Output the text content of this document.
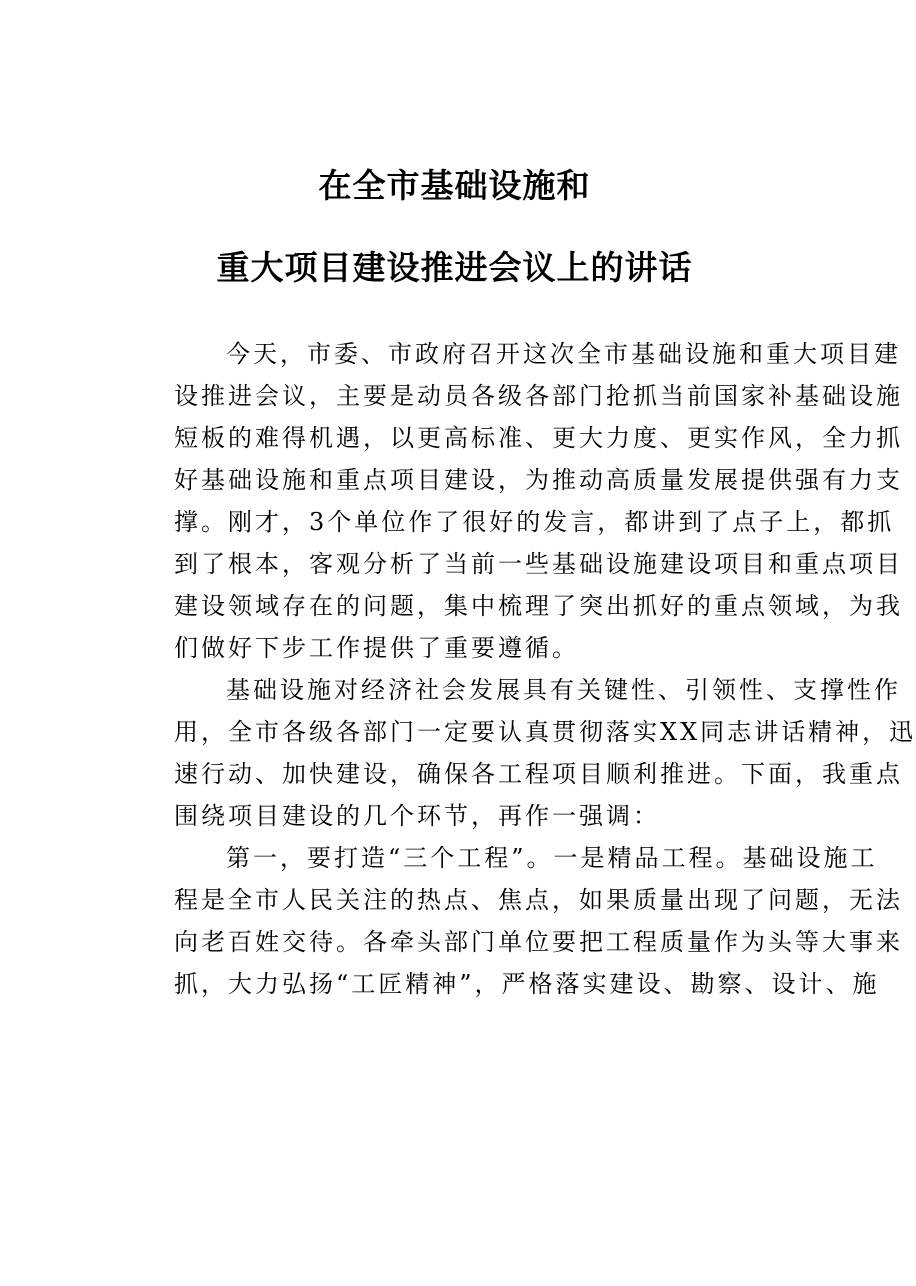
在全市基础设施和
重大项目建设推进会议上的讲话
今天，市委、市政府召开这次全市基础设施和重大项目建
设推进会议，主要是动员各级各部门抢抓当前国家补基础设施
短板的难得机遇，以更高标准、更大力度、更实作风，全力抓
好基础设施和重点项目建设，为推动高质量发展提供强有力支
撑。刚才，3个单位作了很好的发言，都讲到了点子上，都抓
到了根本，客观分析了当前一些基础设施建设项目和重点项目
建设领域存在的问题，集中梳理了突出抓好的重点领域，为我
们做好下步工作提供了重要遵循。
基础设施对经济社会发展具有关键性、引领性、支撑性作
用，全市各级各部门一定要认真贯彻落实XX同志讲话精神，迅
速行动、加快建设，确保各工程项目顺利推进。下面，我重点
围绕项目建设的几个环节，再作一强调：
第一，要打造“三个工程”。一是精品工程。基础设施工
程是全市人民关注的热点、焦点，如果质量出现了问题，无法
向老百姓交待。各牵头部门单位要把工程质量作为头等大事来
抓，大力弘扬“工匠精神”，严格落实建设、勘察、设计、施
